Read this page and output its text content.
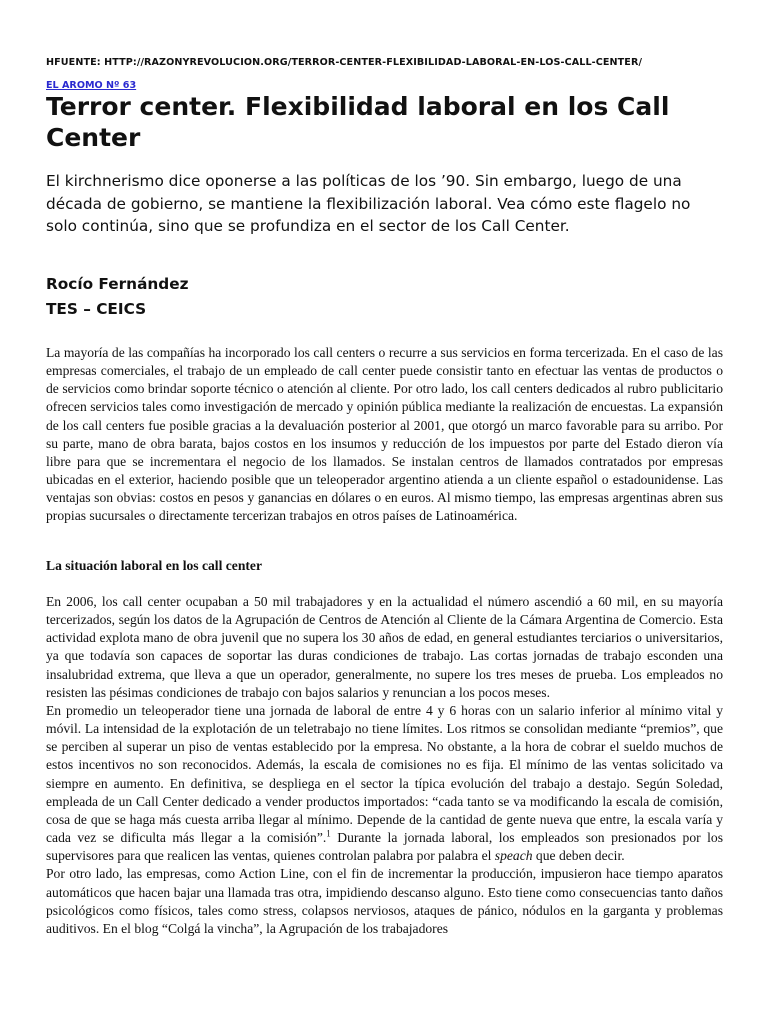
HFUENTE: HTTP://RAZONYREVOLUCION.ORG/TERROR-CENTER-FLEXIBILIDAD-LABORAL-EN-LOS-CALL-CENTER/
EL AROMO Nº 63
Terror center. Flexibilidad laboral en los Call Center

El kirchnerismo dice oponerse a las políticas de los ’90. Sin embargo, luego de una década de gobierno, se mantiene la flexibilización laboral. Vea cómo este flagelo no solo continúa, sino que se profundiza en el sector de los Call Center.

Rocío Fernández
TES – CEICS

La mayoría de las compañías ha incorporado los call centers o recurre a sus servicios en forma tercerizada. En el caso de las empresas comerciales, el trabajo de un empleado de call center puede consistir tanto en efectuar las ventas de productos o de servicios como brindar soporte técnico o atención al cliente. Por otro lado, los call centers dedicados al rubro publicitario ofrecen servicios tales como investigación de mercado y opinión pública mediante la realización de encuestas. La expansión de los call centers fue posible gracias a la devaluación posterior al 2001, que otorgó un marco favorable para su arribo. Por su parte, mano de obra barata, bajos costos en los insumos y reducción de los impuestos por parte del Estado dieron vía libre para que se incrementara el negocio de los llamados. Se instalan centros de llamados contratados por empresas ubicadas en el exterior, haciendo posible que un teleoperador argentino atienda a un cliente español o estadounidense. Las ventajas son obvias: costos en pesos y ganancias en dólares o en euros. Al mismo tiempo, las empresas argentinas abren sus propias sucursales o directamente tercerizan trabajos en otros países de Latinoamérica.

La situación laboral en los call center

En 2006, los call center ocupaban a 50 mil trabajadores y en la actualidad el número ascendió a 60 mil, en su mayoría tercerizados, según los datos de la Agrupación de Centros de Atención al Cliente de la Cámara Argentina de Comercio. Esta actividad explota mano de obra juvenil que no supera los 30 años de edad, en general estudiantes terciarios o universitarios, ya que todavía son capaces de soportar las duras condiciones de trabajo. Las cortas jornadas de trabajo esconden una insalubridad extrema, que lleva a que un operador, generalmente, no supere los tres meses de prueba. Los empleados no resisten las pésimas condiciones de trabajo con bajos salarios y renuncian a los pocos meses.

En promedio un teleoperador tiene una jornada de laboral de entre 4 y 6 horas con un salario inferior al mínimo vital y móvil. La intensidad de la explotación de un teletrabajo no tiene límites. Los ritmos se consolidan mediante “premios”, que se perciben al superar un piso de ventas establecido por la empresa. No obstante, a la hora de cobrar el sueldo muchos de estos incentivos no son reconocidos. Además, la escala de comisiones no es fija. El mínimo de las ventas solicitado va siempre en aumento. En definitiva, se despliega en el sector la típica evolución del trabajo a destajo. Según Soledad, empleada de un Call Center dedicado a vender productos importados: “cada tanto se va modificando la escala de comisión, cosa de que se haga más cuesta arriba llegar al mínimo. Depende de la cantidad de gente nueva que entre, la escala varía y cada vez se dificulta más llegar a la comisión”.$^1$ Durante la jornada laboral, los empleados son presionados por los supervisores para que realicen las ventas, quienes controlan palabra por palabra el speach que deben decir.

Por otro lado, las empresas, como Action Line, con el fin de incrementar la producción, impusieron hace tiempo aparatos automáticos que hacen bajar una llamada tras otra, impidiendo descanso alguno. Esto tiene como consecuencias tanto daños psicológicos como físicos, tales como stress, colapsos nerviosos, ataques de pánico, nódulos en la garganta y problemas auditivos. En el blog “Colgá la vincha”, la Agrupación de los trabajadores
